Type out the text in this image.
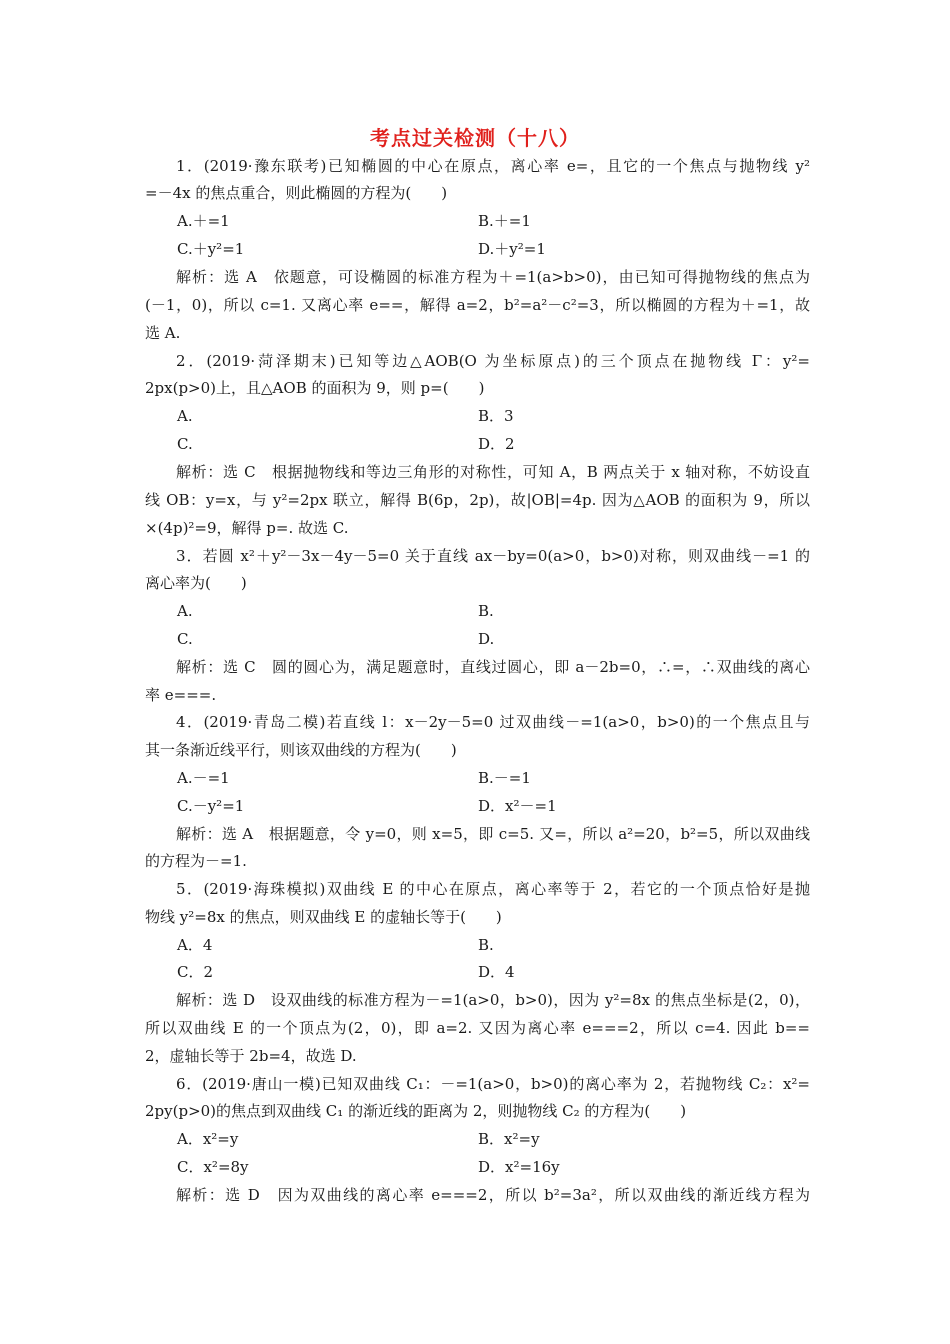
考点过关检测（十八）
1．(2019·豫东联考)已知椭圆的中心在原点，离心率 e=，且它的一个焦点与抛物线 y²
=－4x 的焦点重合，则此椭圆的方程为(　　)
A.＋=1	B.＋=1
C.＋y²=1	D.＋y²=1
解析：选 A　依题意，可设椭圆的标准方程为＋=1(a>b>0)，由已知可得抛物线的焦点为
(－1，0)，所以 c=1. 又离心率 e==，解得 a=2，b²=a²－c²=3，所以椭圆的方程为＋=1，故
选 A.
2．(2019·菏泽期末)已知等边△AOB(O 为坐标原点)的三个顶点在抛物线 Γ：y²=
2px(p>0)上，且△AOB 的面积为 9，则 p=(　　)
A.	B．3
C.	D．2
解析：选 C　根据抛物线和等边三角形的对称性，可知 A，B 两点关于 x 轴对称，不妨设直
线 OB：y=x，与 y²=2px 联立，解得 B(6p，2p)，故|OB|=4p. 因为△AOB 的面积为 9，所以
×(4p)²=9，解得 p=. 故选 C.
3．若圆 x²＋y²－3x－4y－5=0 关于直线 ax－by=0(a>0，b>0)对称，则双曲线－=1 的
离心率为(　　)
A.	B.
C.	D.
解析：选 C　圆的圆心为，满足题意时，直线过圆心，即 a－2b=0，∴=，∴双曲线的离心
率 e===.
4．(2019·青岛二模)若直线 l：x－2y－5=0 过双曲线－=1(a>0，b>0)的一个焦点且与
其一条渐近线平行，则该双曲线的方程为(　　)
A.－=1	B.－=1
C.－y²=1	D．x²－=1
解析：选 A　根据题意，令 y=0，则 x=5，即 c=5. 又=，所以 a²=20，b²=5，所以双曲线
的方程为－=1.
5．(2019·海珠模拟)双曲线 E 的中心在原点，离心率等于 2，若它的一个顶点恰好是抛
物线 y²=8x 的焦点，则双曲线 E 的虚轴长等于(　　)
A．4	B.
C．2	D．4
解析：选 D　设双曲线的标准方程为－=1(a>0，b>0)，因为 y²=8x 的焦点坐标是(2，0)，
所以双曲线 E 的一个顶点为(2，0)，即 a=2. 又因为离心率 e===2，所以 c=4. 因此 b==
2，虚轴长等于 2b=4，故选 D.
6．(2019·唐山一模)已知双曲线 C₁：－=1(a>0，b>0)的离心率为 2，若抛物线 C₂：x²=
2py(p>0)的焦点到双曲线 C₁ 的渐近线的距离为 2，则抛物线 C₂ 的方程为(　　)
A．x²=y	B．x²=y
C．x²=8y	D．x²=16y
解析：选 D　因为双曲线的离心率 e===2，所以 b²=3a²，所以双曲线的渐近线方程为
